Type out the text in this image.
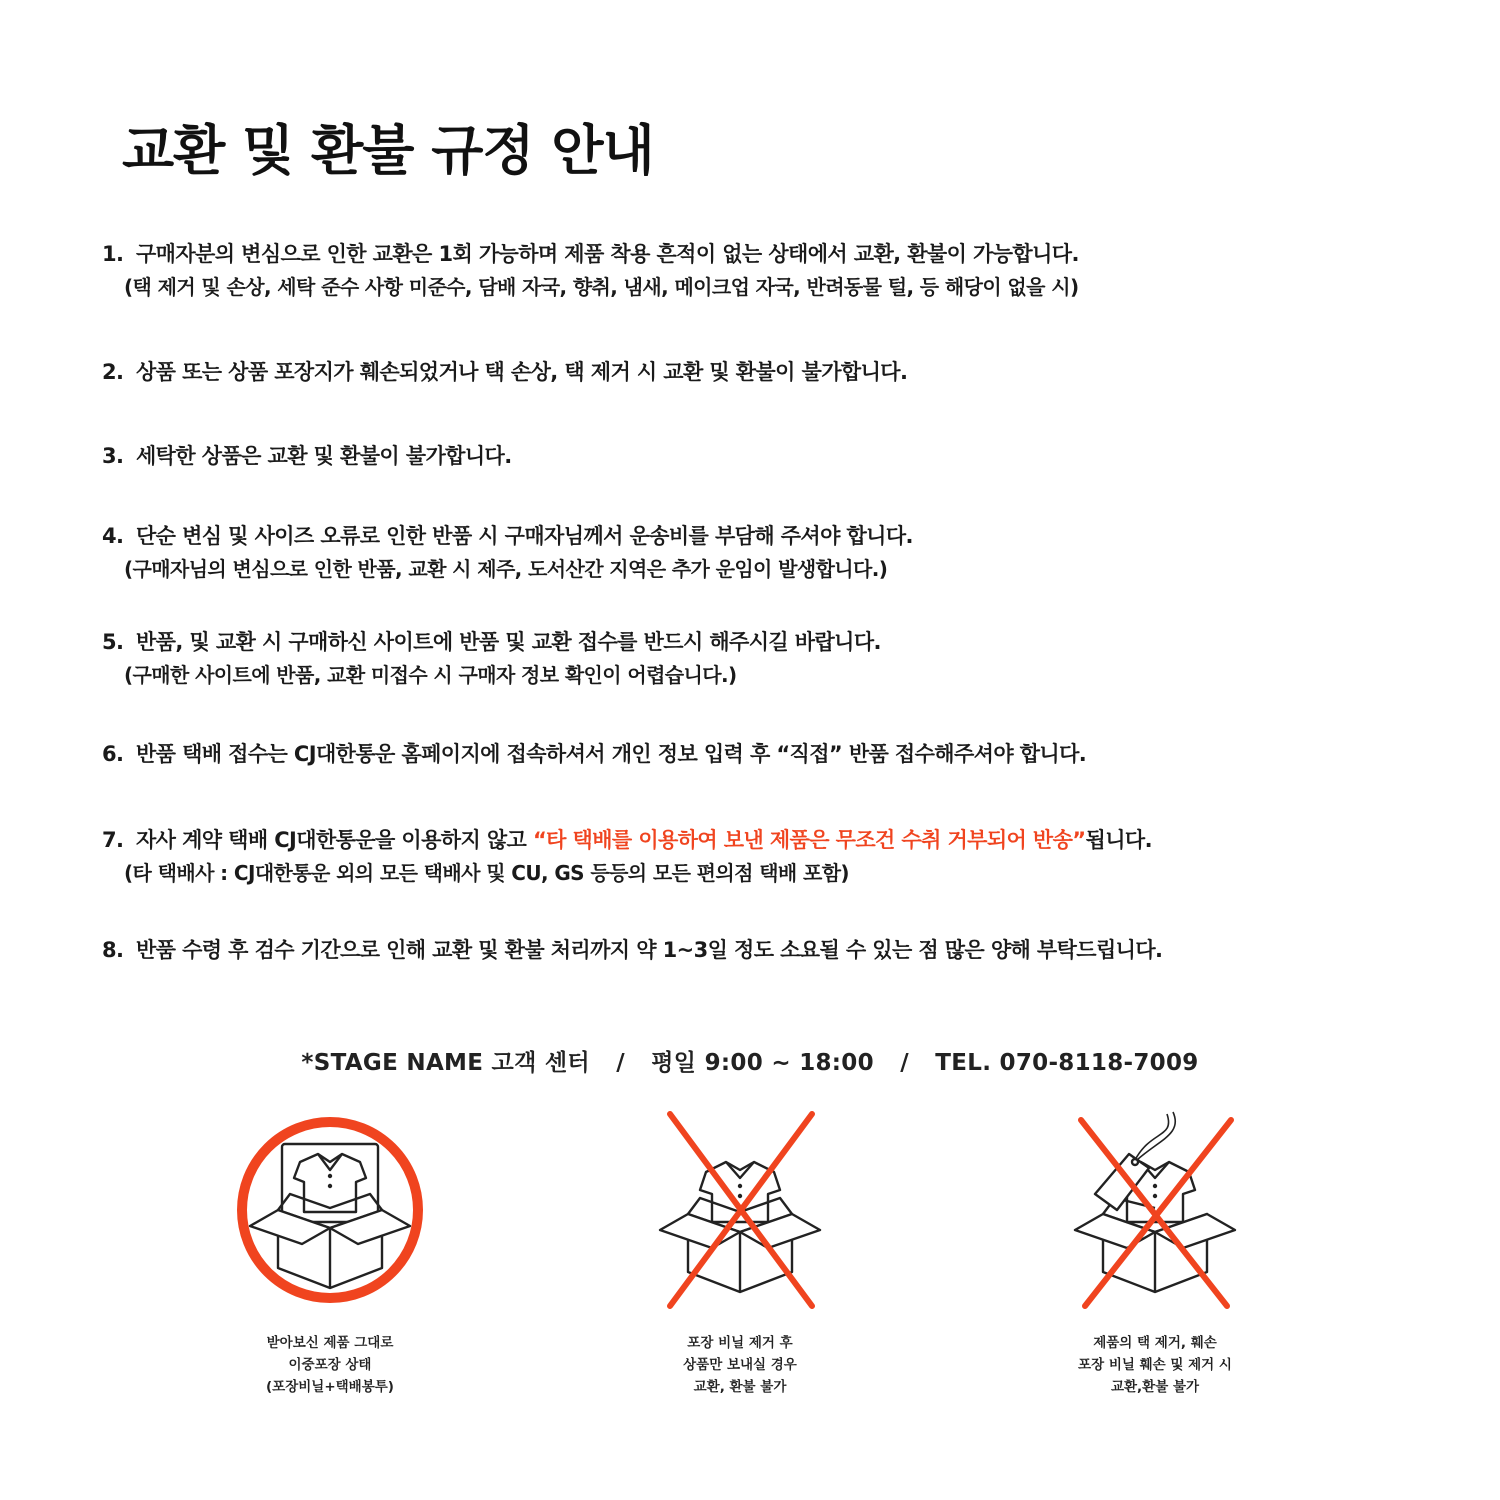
교환 및 환불 규정 안내
1. 구매자분의 변심으로 인한 교환은 1회 가능하며 제품 착용 흔적이 없는 상태에서 교환, 환불이 가능합니다.
(택 제거 및 손상, 세탁 준수 사항 미준수, 담배 자국, 향취, 냄새, 메이크업 자국, 반려동물 털, 등 해당이 없을 시)
2. 상품 또는 상품 포장지가 훼손되었거나 택 손상, 택 제거 시 교환 및 환불이 불가합니다.
3. 세탁한 상품은 교환 및 환불이 불가합니다.
4. 단순 변심 및 사이즈 오류로 인한 반품 시 구매자님께서 운송비를 부담해 주셔야 합니다.
(구매자님의 변심으로 인한 반품, 교환 시 제주, 도서산간 지역은 추가 운임이 발생합니다.)
5. 반품, 및 교환 시 구매하신 사이트에 반품 및 교환 접수를 반드시 해주시길 바랍니다.
(구매한 사이트에 반품, 교환 미접수 시 구매자 정보 확인이 어렵습니다.)
6. 반품 택배 접수는 CJ대한통운 홈페이지에 접속하셔서 개인 정보 입력 후 “직접” 반품 접수해주셔야 합니다.
7. 자사 계약 택배 CJ대한통운을 이용하지 않고 “타 택배를 이용하여 보낸 제품은 무조건 수취 거부되어 반송”됩니다.
(타 택배사 : CJ대한통운 외의 모든 택배사 및 CU, GS 등등의 모든 편의점 택배 포함)
8. 반품 수령 후 검수 기간으로 인해 교환 및 환불 처리까지 약 1~3일 정도 소요될 수 있는 점 많은 양해 부탁드립니다.
*STAGE NAME 고객 센터 / 평일 9:00 ~ 18:00 / TEL. 070-8118-7009
받아보신 제품 그대로
이중포장 상태
(포장비닐+택배봉투)
포장 비닐 제거 후
상품만 보내실 경우
교환, 환불 불가
제품의 택 제거, 훼손
포장 비닐 훼손 및 제거 시
교환,환불 불가
